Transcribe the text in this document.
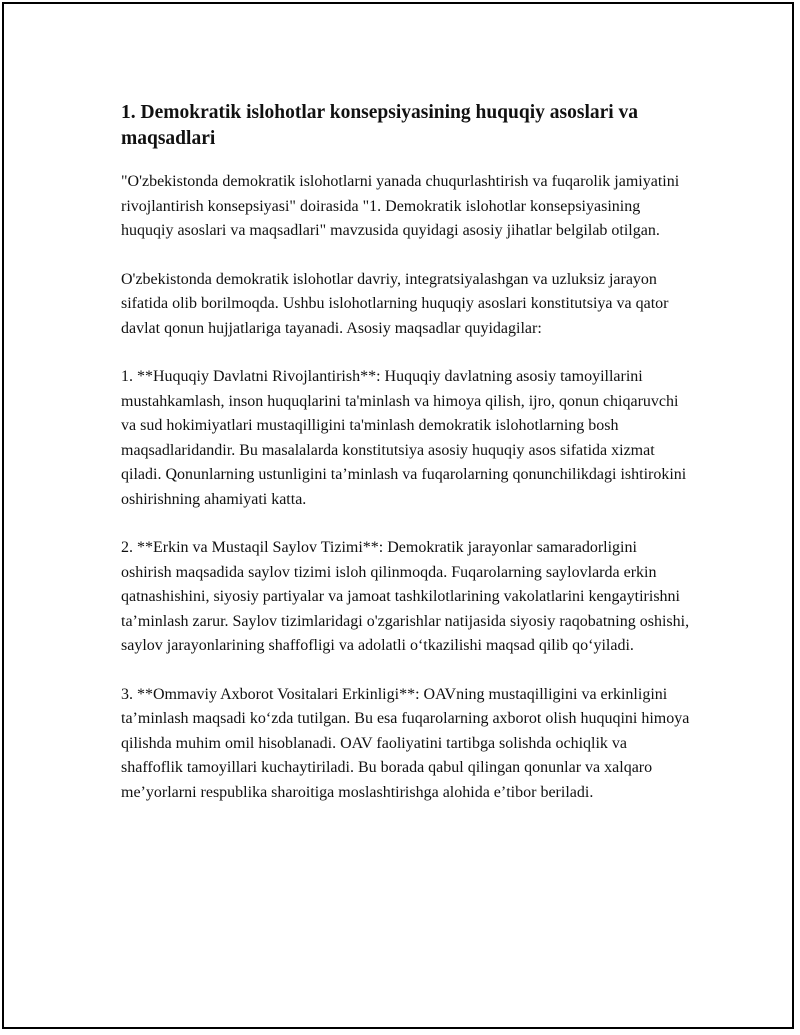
1. Demokratik islohotlar konsepsiyasining huquqiy asoslari va maqsadlari

"O'zbekistonda demokratik islohotlarni yanada chuqurlashtirish va fuqarolik jamiyatini rivojlantirish konsepsiyasi" doirasida "1. Demokratik islohotlar konsepsiyasining huquqiy asoslari va maqsadlari" mavzusida quyidagi asosiy jihatlar belgilab otilgan.

O'zbekistonda demokratik islohotlar davriy, integratsiyalashgan va uzluksiz jarayon sifatida olib borilmoqda. Ushbu islohotlarning huquqiy asoslari konstitutsiya va qator davlat qonun hujjatlariga tayanadi. Asosiy maqsadlar quyidagilar:

1. **Huquqiy Davlatni Rivojlantirish**: Huquqiy davlatning asosiy tamoyillarini mustahkamlash, inson huquqlarini ta'minlash va himoya qilish, ijro, qonun chiqaruvchi va sud hokimiyatlari mustaqilligini ta'minlash demokratik islohotlarning bosh maqsadlaridandir. Bu masalalarda konstitutsiya asosiy huquqiy asos sifatida xizmat qiladi. Qonunlarning ustunligini taʼminlash va fuqarolarning qonunchilikdagi ishtirokini oshirishning ahamiyati katta.

2. **Erkin va Mustaqil Saylov Tizimi**: Demokratik jarayonlar samaradorligini oshirish maqsadida saylov tizimi isloh qilinmoqda. Fuqarolarning saylovlarda erkin qatnashishini, siyosiy partiyalar va jamoat tashkilotlarining vakolatlarini kengaytirishni taʼminlash zarur. Saylov tizimlaridagi o'zgarishlar natijasida siyosiy raqobatning oshishi, saylov jarayonlarining shaffofligi va adolatli oʻtkazilishi maqsad qilib qoʻyiladi.

3. **Ommaviy Axborot Vositalari Erkinligi**: OAVning mustaqilligini va erkinligini taʼminlash maqsadi koʻzda tutilgan. Bu esa fuqarolarning axborot olish huquqini himoya qilishda muhim omil hisoblanadi. OAV faoliyatini tartibga solishda ochiqlik va shaffoflik tamoyillari kuchaytiriladi. Bu borada qabul qilingan qonunlar va xalqaro meʼyorlarni respublika sharoitiga moslashtirishga alohida eʼtibor beriladi.
